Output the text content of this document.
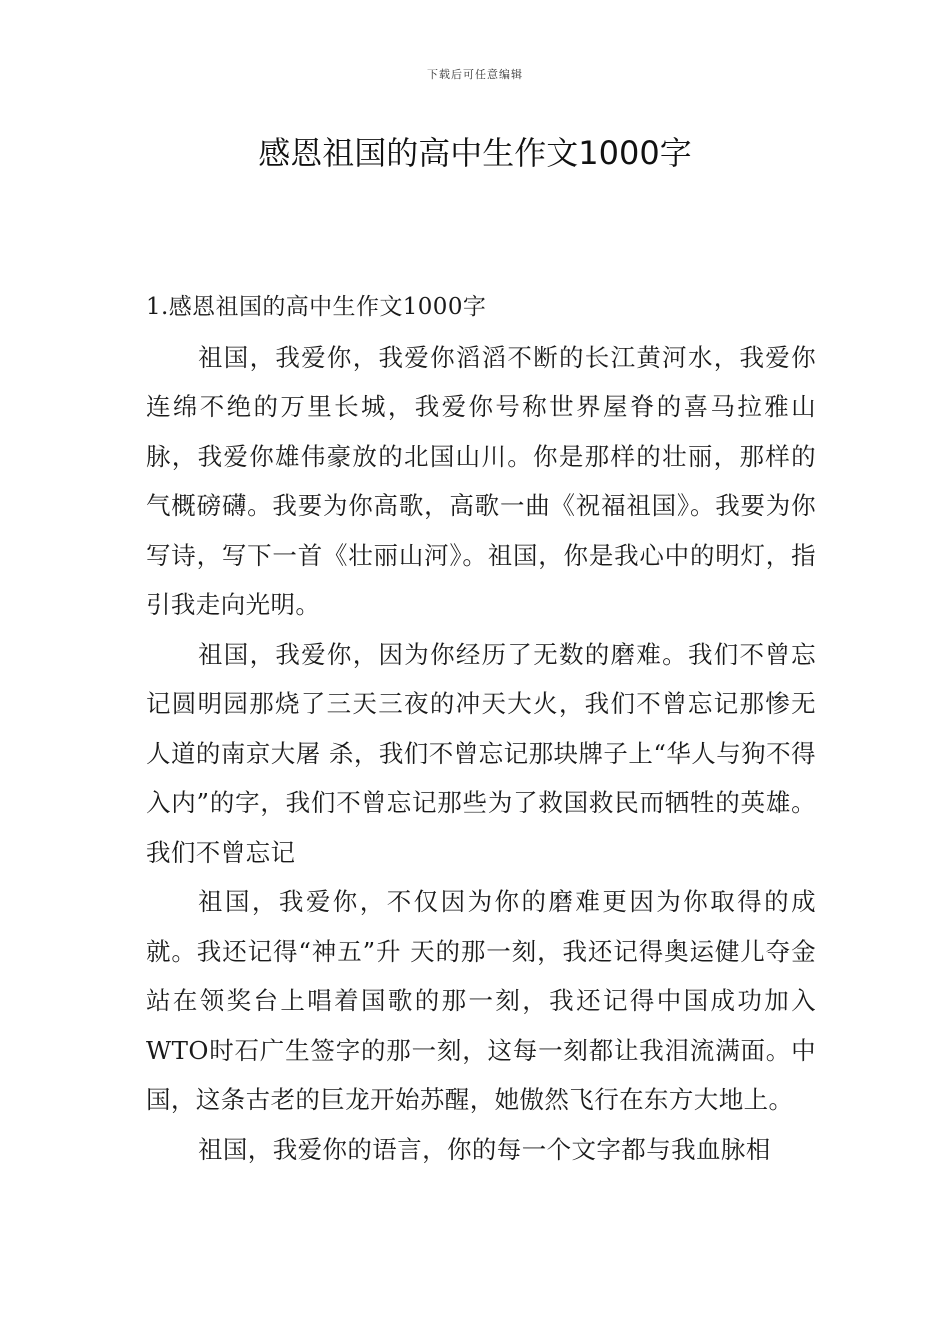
下载后可任意编辑
感恩祖国的高中生作文1000字

1.感恩祖国的高中生作文1000字

祖国，我爱你，我爱你滔滔不断的长江黄河水，我爱你连绵不绝的万里长城，我爱你号称世界屋脊的喜马拉雅山脉，我爱你雄伟豪放的北国山川。你是那样的壮丽，那样的气概磅礴。我要为你高歌，高歌一曲《祝福祖国》。我要为你写诗，写下一首《壮丽山河》。祖国，你是我心中的明灯，指引我走向光明。

祖国，我爱你，因为你经历了无数的磨难。我们不曾忘记圆明园那烧了三天三夜的冲天大火，我们不曾忘记那惨无人道的南京大屠 杀，我们不曾忘记那块牌子上“华人与狗不得入内”的字，我们不曾忘记那些为了救国救民而牺牲的英雄。我们不曾忘记

祖国，我爱你，不仅因为你的磨难更因为你取得的成就。我还记得“神五”升 天的那一刻，我还记得奥运健儿夺金站在领奖台上唱着国歌的那一刻，我还记得中国成功加入WTO时石广生签字的那一刻，这每一刻都让我泪流满面。中国，这条古老的巨龙开始苏醒，她傲然飞行在东方大地上。

祖国，我爱你的语言，你的每一个文字都与我血脉相
